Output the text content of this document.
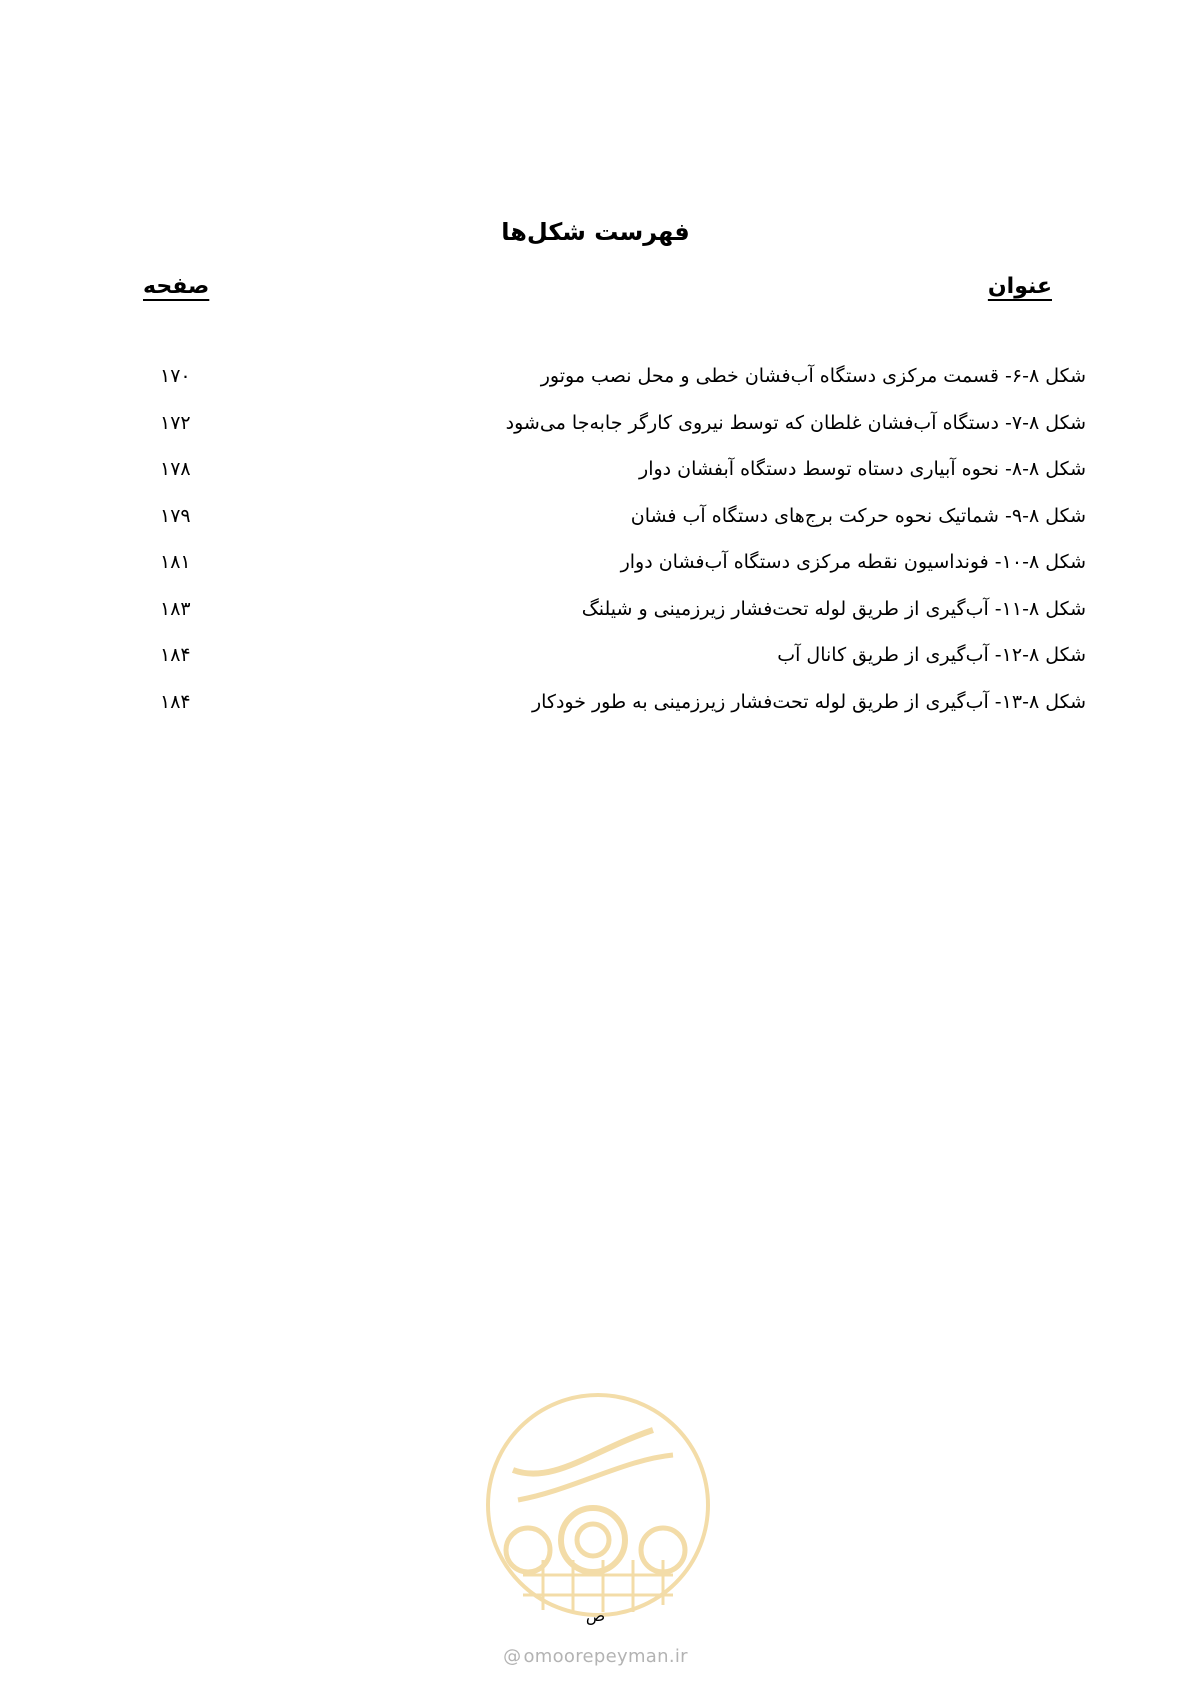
فهرست شکل‌ها
عنوان
صفحه
شکل ۸-۶- قسمت مرکزی دستگاه آب‌فشان خطی و محل نصب موتور
۱۷۰
شکل ۸-۷- دستگاه آب‌فشان غلطان که توسط نیروی کارگر جابه‌جا می‌شود
۱۷۲
شکل ۸-۸- نحوه آبیاری دستاه توسط دستگاه آبفشان دوار
۱۷۸
شکل ۸-۹- شماتیک نحوه حرکت برج‌های دستگاه آب فشان
۱۷۹
شکل ۸-۱۰- فونداسیون نقطه مرکزی دستگاه آب‌فشان دوار
۱۸۱
شکل ۸-۱۱- آب‌گیری از طریق لوله تحت‌فشار زیرزمینی و شیلنگ
۱۸۳
شکل ۸-۱۲- آب‌گیری از طریق کانال آب
۱۸۴
شکل ۸-۱۳- آب‌گیری از طریق لوله تحت‌فشار زیرزمینی به طور خودکار
۱۸۴
ص
@ omoorepeyman.ir
